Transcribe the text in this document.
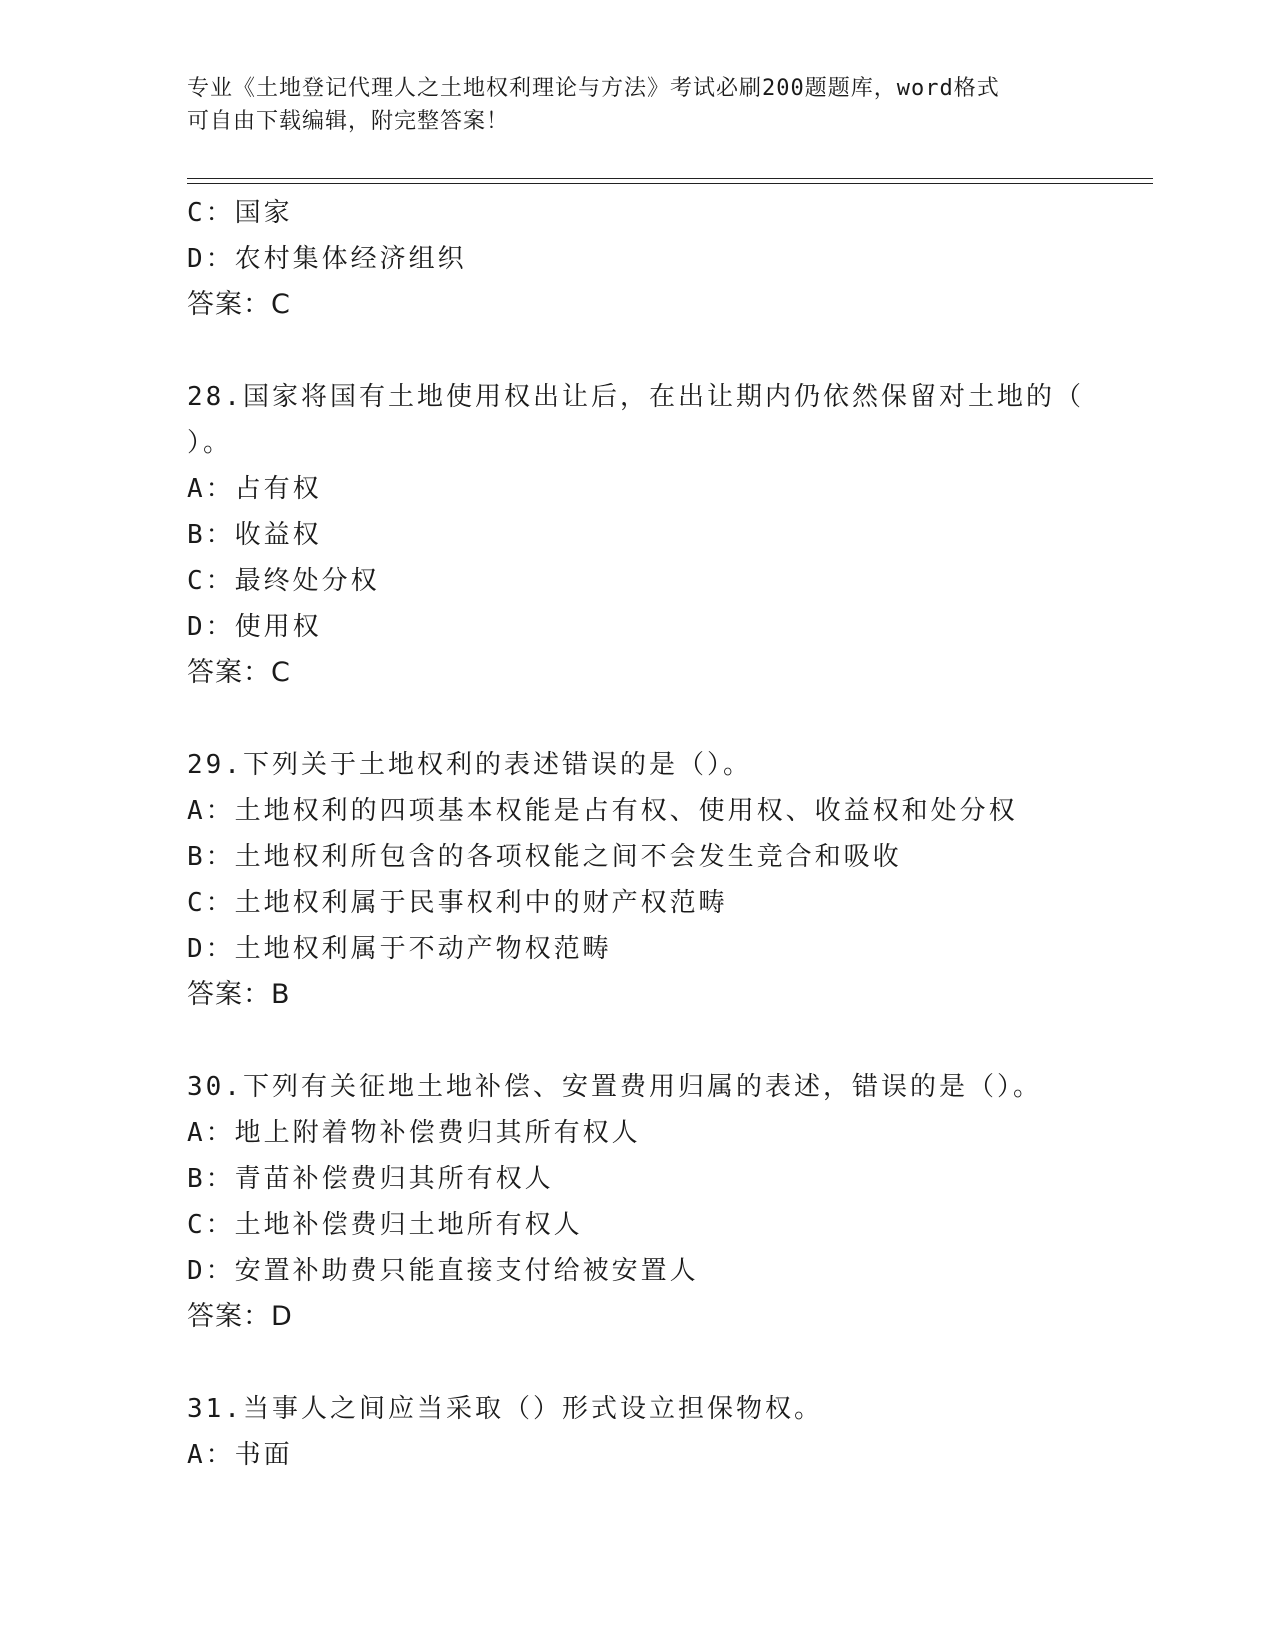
专业《土地登记代理人之土地权利理论与方法》考试必刷200题题库，word格式
可自由下载编辑，附完整答案！
C：国家
D：农村集体经济组织
答案：C
28.国家将国有土地使用权出让后，在出让期内仍依然保留对土地的（
）。
A：占有权
B：收益权
C：最终处分权
D：使用权
答案：C
29.下列关于土地权利的表述错误的是（）。
A：土地权利的四项基本权能是占有权、使用权、收益权和处分权
B：土地权利所包含的各项权能之间不会发生竞合和吸收
C：土地权利属于民事权利中的财产权范畴
D：土地权利属于不动产物权范畴
答案：B
30.下列有关征地土地补偿、安置费用归属的表述，错误的是（）。
A：地上附着物补偿费归其所有权人
B：青苗补偿费归其所有权人
C：土地补偿费归土地所有权人
D：安置补助费只能直接支付给被安置人
答案：D
31.当事人之间应当采取（）形式设立担保物权。
A：书面
